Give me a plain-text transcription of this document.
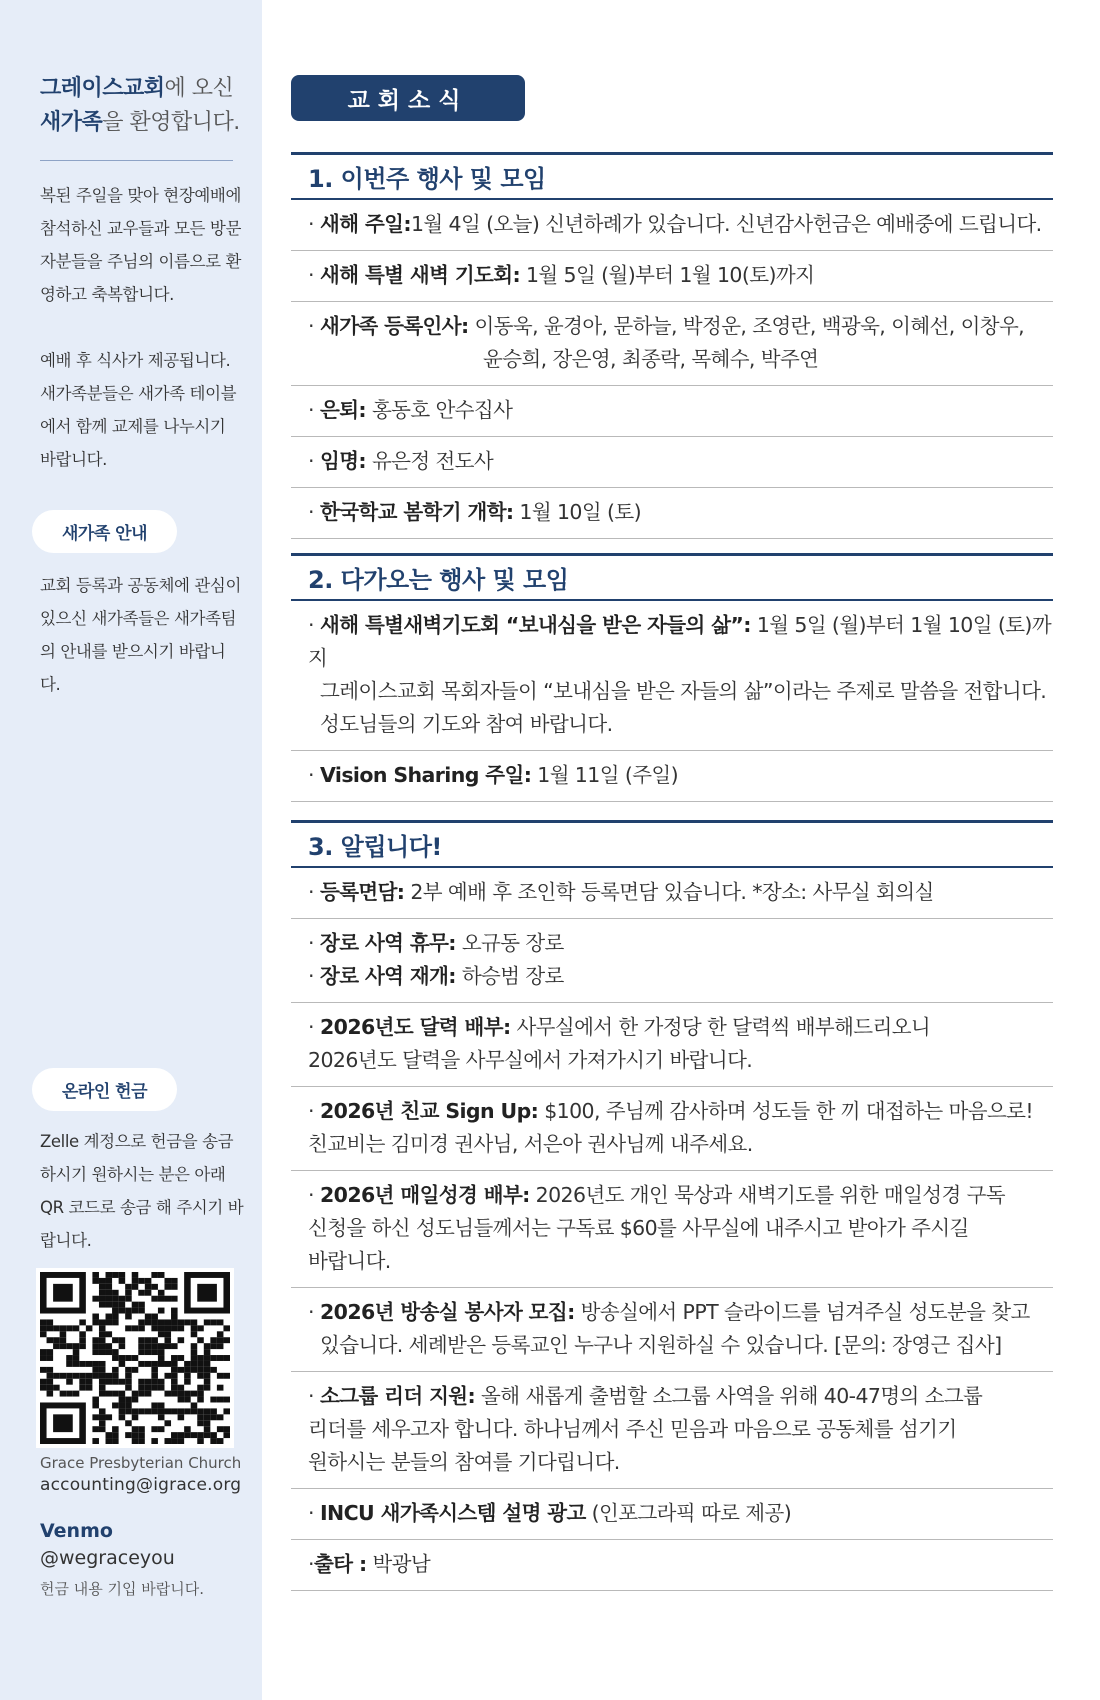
그레이스교회에 오신
새가족을 환영합니다.

복된 주일을 맞아 현장예배에 참석하신 교우들과 모든 방문자분들을 주님의 이름으로 환영하고 축복합니다.

예배 후 식사가 제공됩니다. 새가족분들은 새가족 테이블에서 함께 교제를 나누시기 바랍니다.

새가족 안내

교회 등록과 공동체에 관심이 있으신 새가족들은 새가족팀의 안내를 받으시기 바랍니다.

온라인 헌금

Zelle 계정으로 헌금을 송금하시기 원하시는 분은 아래 QR 코드로 송금 해 주시기 바랍니다.

Grace Presbyterian Church
accounting@igrace.org
Venmo
@wegraceyou
헌금 내용 기입 바랍니다.
교회소식
1. 이번주 행사 및 모임
· 새해 주일:1월 4일 (오늘) 신년하례가 있습니다. 신년감사헌금은 예배중에 드립니다.
· 새해 특별 새벽 기도회: 1월 5일 (월)부터 1월 10(토)까지
· 새가족 등록인사: 이동욱, 윤경아, 문하늘, 박정운, 조영란, 백광욱, 이혜선, 이창우,
윤승희, 장은영, 최종락, 목혜수, 박주연
· 은퇴: 홍동호 안수집사
· 임명: 유은정 전도사
· 한국학교 봄학기 개학: 1월 10일 (토)
2. 다가오는 행사 및 모임
· 새해 특별새벽기도회 “보내심을 받은 자들의 삶”: 1월 5일 (월)부터 1월 10일 (토)까지
그레이스교회 목회자들이 “보내심을 받은 자들의 삶”이라는 주제로 말씀을 전합니다.
성도님들의 기도와 참여 바랍니다.
· Vision Sharing 주일: 1월 11일 (주일)
3. 알립니다!
· 등록면담: 2부 예배 후 조인학 등록면담 있습니다. *장소: 사무실 회의실
· 장로 사역 휴무: 오규동 장로
· 장로 사역 재개: 하승범 장로
· 2026년도 달력 배부: 사무실에서 한 가정당 한 달력씩 배부해드리오니
2026년도 달력을 사무실에서 가져가시기 바랍니다.
· 2026년 친교 Sign Up: $100, 주님께 감사하며 성도들 한 끼 대접하는 마음으로!
친교비는 김미경 권사님, 서은아 권사님께 내주세요.
· 2026년 매일성경 배부: 2026년도 개인 묵상과 새벽기도를 위한 매일성경 구독
신청을 하신 성도님들께서는 구독료 $60를 사무실에 내주시고 받아가 주시길
바랍니다.
· 2026년 방송실 봉사자 모집: 방송실에서 PPT 슬라이드를 넘겨주실 성도분을 찾고
있습니다. 세례받은 등록교인 누구나 지원하실 수 있습니다. [문의: 장영근 집사]
· 소그룹 리더 지원: 올해 새롭게 출범할 소그룹 사역을 위해 40-47명의 소그룹
리더를 세우고자 합니다. 하나님께서 주신 믿음과 마음으로 공동체를 섬기기
원하시는 분들의 참여를 기다립니다.
· INCU 새가족시스템 설명 광고 (인포그라픽 따로 제공)
·출타 : 박광남
